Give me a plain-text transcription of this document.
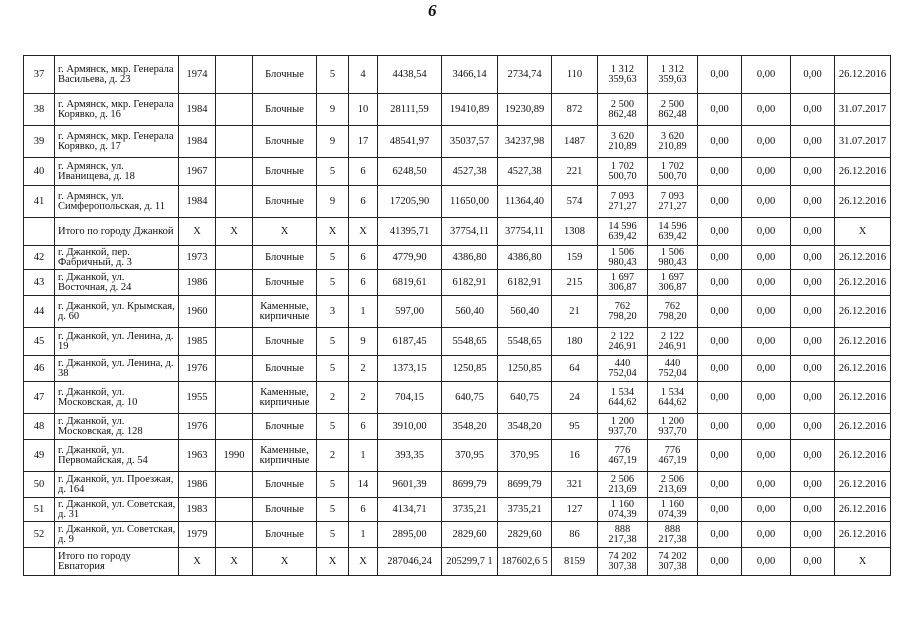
6
37	г. Армянск, мкр. Генерала Васильева, д. 23	1974		Блочные	5	4	4438,54	3466,14	2734,74	110	1 312 359,63	1 312 359,63	0,00	0,00	0,00	26.12.2016
38	г. Армянск, мкр. Генерала Корявко, д. 16	1984		Блочные	9	10	28111,59	19410,89	19230,89	872	2 500 862,48	2 500 862,48	0,00	0,00	0,00	31.07.2017
39	г. Армянск, мкр. Генерала Корявко, д. 17	1984		Блочные	9	17	48541,97	35037,57	34237,98	1487	3 620 210,89	3 620 210,89	0,00	0,00	0,00	31.07.2017
40	г. Армянск, ул. Иванищева, д. 18	1967		Блочные	5	6	6248,50	4527,38	4527,38	221	1 702 500,70	1 702 500,70	0,00	0,00	0,00	26.12.2016
41	г. Армянск, ул. Симферопольская, д. 11	1984		Блочные	9	6	17205,90	11650,00	11364,40	574	7 093 271,27	7 093 271,27	0,00	0,00	0,00	26.12.2016
	Итого по городу Джанкой	X	X	X	X	X	41395,71	37754,11	37754,11	1308	14 596 639,42	14 596 639,42	0,00	0,00	0,00	X
42	г. Джанкой, пер. Фабричный, д. 3	1973		Блочные	5	6	4779,90	4386,80	4386,80	159	1 506 980,43	1 506 980,43	0,00	0,00	0,00	26.12.2016
43	г. Джанкой, ул. Восточная, д. 24	1986		Блочные	5	6	6819,61	6182,91	6182,91	215	1 697 306,87	1 697 306,87	0,00	0,00	0,00	26.12.2016
44	г. Джанкой, ул. Крымская, д. 60	1960		Каменные, кирпичные	3	1	597,00	560,40	560,40	21	762 798,20	762 798,20	0,00	0,00	0,00	26.12.2016
45	г. Джанкой, ул. Ленина, д. 19	1985		Блочные	5	9	6187,45	5548,65	5548,65	180	2 122 246,91	2 122 246,91	0,00	0,00	0,00	26.12.2016
46	г. Джанкой, ул. Ленина, д. 38	1976		Блочные	5	2	1373,15	1250,85	1250,85	64	440 752,04	440 752,04	0,00	0,00	0,00	26.12.2016
47	г. Джанкой, ул. Московская, д. 10	1955		Каменные, кирпичные	2	2	704,15	640,75	640,75	24	1 534 644,62	1 534 644,62	0,00	0,00	0,00	26.12.2016
48	г. Джанкой, ул. Московская, д. 128	1976		Блочные	5	6	3910,00	3548,20	3548,20	95	1 200 937,70	1 200 937,70	0,00	0,00	0,00	26.12.2016
49	г. Джанкой, ул. Первомайская, д. 54	1963	1990	Каменные, кирпичные	2	1	393,35	370,95	370,95	16	776 467,19	776 467,19	0,00	0,00	0,00	26.12.2016
50	г. Джанкой, ул. Проезжая, д. 164	1986		Блочные	5	14	9601,39	8699,79	8699,79	321	2 506 213,69	2 506 213,69	0,00	0,00	0,00	26.12.2016
51	г. Джанкой, ул. Советская, д. 31	1983		Блочные	5	6	4134,71	3735,21	3735,21	127	1 160 074,39	1 160 074,39	0,00	0,00	0,00	26.12.2016
52	г. Джанкой, ул. Советская, д. 9	1979		Блочные	5	1	2895,00	2829,60	2829,60	86	888 217,38	888 217,38	0,00	0,00	0,00	26.12.2016
	Итого по городу Евпатория	X	X	X	X	X	287046,24	205299,7 1	187602,6 5	8159	74 202 307,38	74 202 307,38	0,00	0,00	0,00	X
